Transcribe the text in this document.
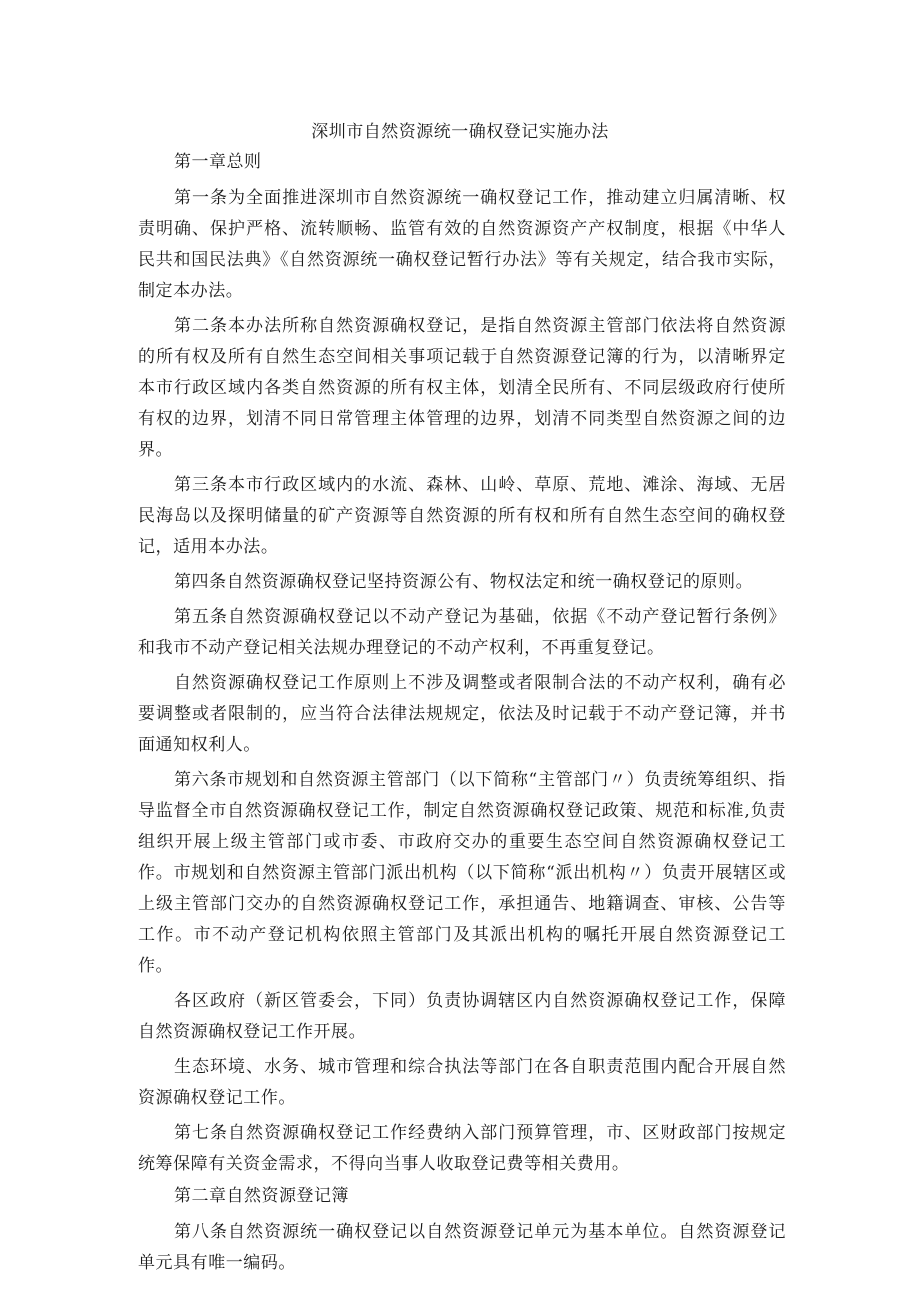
深圳市自然资源统一确权登记实施办法
第一章总则

第一条为全面推进深圳市自然资源统一确权登记工作，推动建立归属清晰、权责明确、保护严格、流转顺畅、监管有效的自然资源资产产权制度，根据《中华人民共和国民法典》《自然资源统一确权登记暂行办法》等有关规定，结合我市实际，制定本办法。

第二条本办法所称自然资源确权登记，是指自然资源主管部门依法将自然资源的所有权及所有自然生态空间相关事项记载于自然资源登记簿的行为，以清晰界定本市行政区域内各类自然资源的所有权主体，划清全民所有、不同层级政府行使所有权的边界，划清不同日常管理主体管理的边界，划清不同类型自然资源之间的边界。

第三条本市行政区域内的水流、森林、山岭、草原、荒地、滩涂、海域、无居民海岛以及探明储量的矿产资源等自然资源的所有权和所有自然生态空间的确权登记，适用本办法。

第四条自然资源确权登记坚持资源公有、物权法定和统一确权登记的原则。

第五条自然资源确权登记以不动产登记为基础，依据《不动产登记暂行条例》和我市不动产登记相关法规办理登记的不动产权利，不再重复登记。

自然资源确权登记工作原则上不涉及调整或者限制合法的不动产权利，确有必要调整或者限制的，应当符合法律法规规定，依法及时记载于不动产登记簿，并书面通知权利人。

第六条市规划和自然资源主管部门（以下简称“主管部门〃）负责统筹组织、指导监督全市自然资源确权登记工作，制定自然资源确权登记政策、规范和标准,负责组织开展上级主管部门或市委、市政府交办的重要生态空间自然资源确权登记工作。市规划和自然资源主管部门派出机构（以下简称“派出机构〃）负责开展辖区或上级主管部门交办的自然资源确权登记工作，承担通告、地籍调查、审核、公告等工作。市不动产登记机构依照主管部门及其派出机构的嘱托开展自然资源登记工作。

各区政府（新区管委会，下同）负责协调辖区内自然资源确权登记工作，保障自然资源确权登记工作开展。

生态环境、水务、城市管理和综合执法等部门在各自职责范围内配合开展自然资源确权登记工作。

第七条自然资源确权登记工作经费纳入部门预算管理，市、区财政部门按规定统筹保障有关资金需求，不得向当事人收取登记费等相关费用。

第二章自然资源登记簿

第八条自然资源统一确权登记以自然资源登记单元为基本单位。自然资源登记单元具有唯一编码。
